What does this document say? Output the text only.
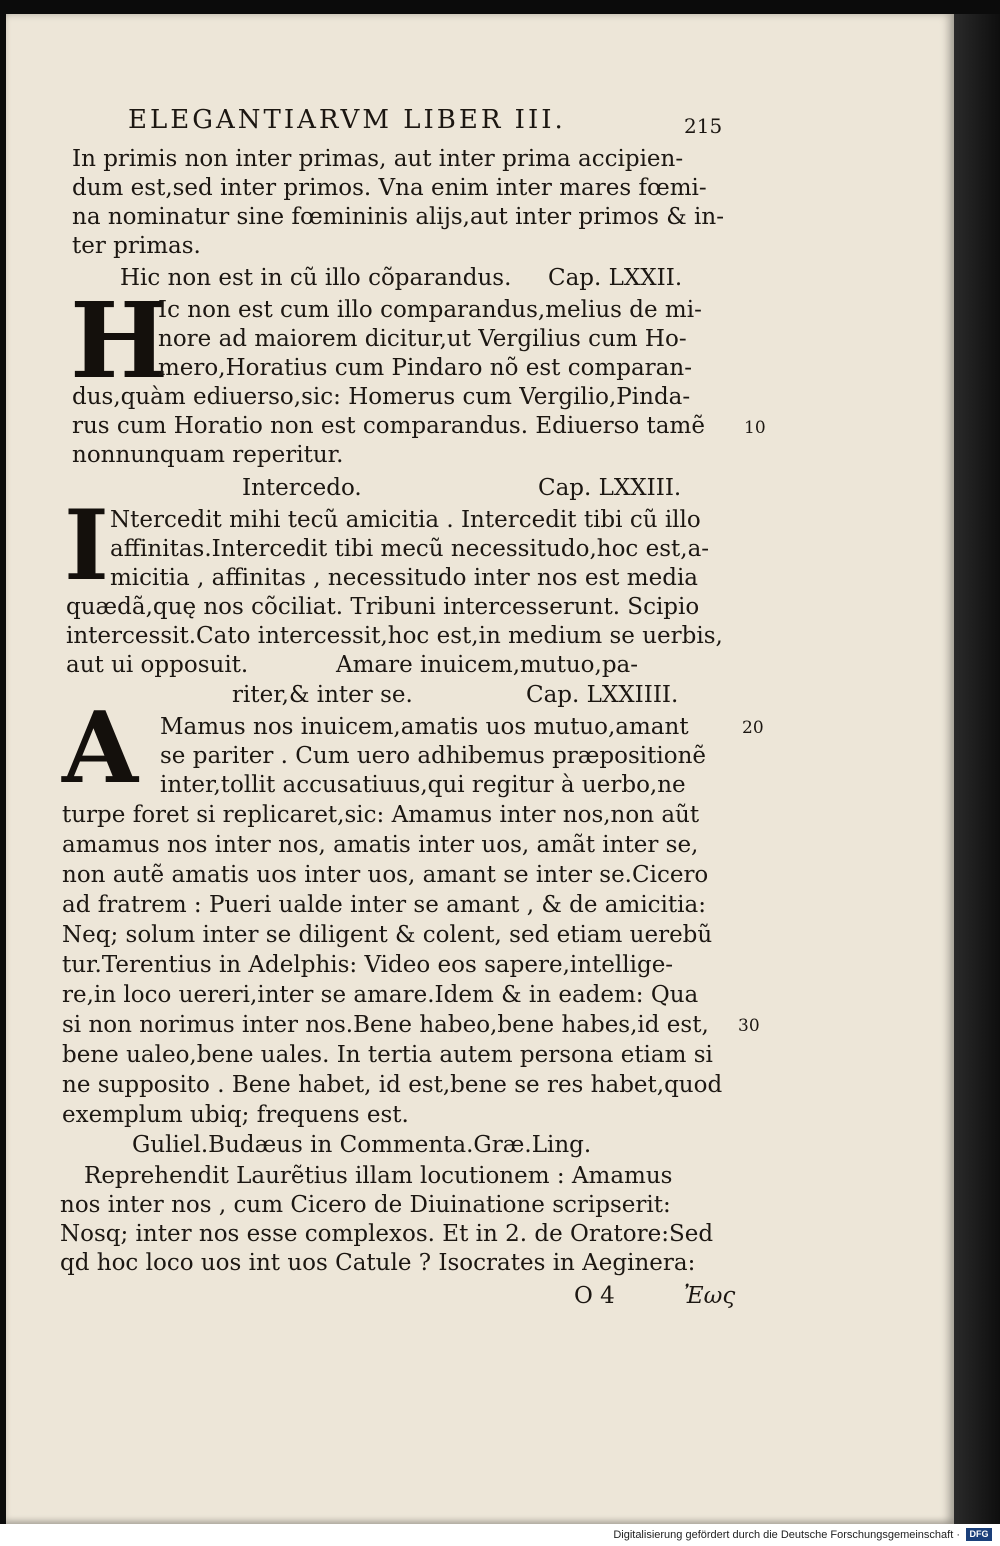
ELEGANTIARVM LIBER III.	215
In primis non inter primas, aut inter prima accipien-
dum est,sed inter primos. Vna enim inter mares fœmi-
na nominatur sine fœmininis alijs,aut inter primos & in-
ter primas.
Hic non est in cũ illo cõparandus. Cap. LXXII.
H
Ic non est cum illo comparandus,melius de mi-
nore ad maiorem dicitur,ut Vergilius cum Ho-
mero,Horatius cum Pindaro nõ est comparan-
dus,quàm ediuerso,sic: Homerus cum Vergilio,Pinda-
rus cum Horatio non est comparandus. Ediuerso tamẽ
nonnunquam reperitur.
10
Intercedo.	Cap. LXXIII.
I Ntercedit mihi tecũ amicitia . Intercedit tibi cũ illo
affinitas.Intercedit tibi mecũ necessitudo,hoc est,a-
micitia , affinitas , necessitudo inter nos est media
quædã,quę nos cõciliat. Tribuni intercesserunt. Scipio
intercessit.Cato intercessit,hoc est,in medium se uerbis,
aut ui opposuit.	Amare inuicem,mutuo,pa-
riter,& inter se.	Cap. LXXIIII.
A Mamus nos inuicem,amatis uos mutuo,amant
se pariter . Cum uero adhibemus præpositionẽ
inter,tollit accusatiuus,qui regitur à uerbo,ne
turpe foret si replicaret,sic: Amamus inter nos,non aũt
amamus nos inter nos, amatis inter uos, amãt inter se,
non autẽ amatis uos inter uos, amant se inter se.Cicero
ad fratrem : Pueri ualde inter se amant , & de amicitia:
Neq; solum inter se diligent & colent, sed etiam uerebũ
tur.Terentius in Adelphis: Video eos sapere,intellige-
re,in loco uereri,inter se amare.Idem & in eadem: Qua
si non norimus inter nos.Bene habeo,bene habes,id est,
bene ualeo,bene uales. In tertia autem persona etiam si
ne supposito . Bene habet, id est,bene se res habet,quod
exemplum ubiq; frequens est.
20
30
Guliel.Budæus in Commenta.Græ.Ling.
Reprehendit Laurẽtius illam locutionem : Amamus
nos inter nos , cum Cicero de Diuinatione scripserit:
Nosq; inter nos esse complexos. Et in 2. de Oratore:Sed
qd hoc loco uos int uos Catule ? Isocrates in Aeginera:
O 4	Ἐως
Digitalisierung gefördert durch die Deutsche Forschungsgemeinschaft ·	DFG
